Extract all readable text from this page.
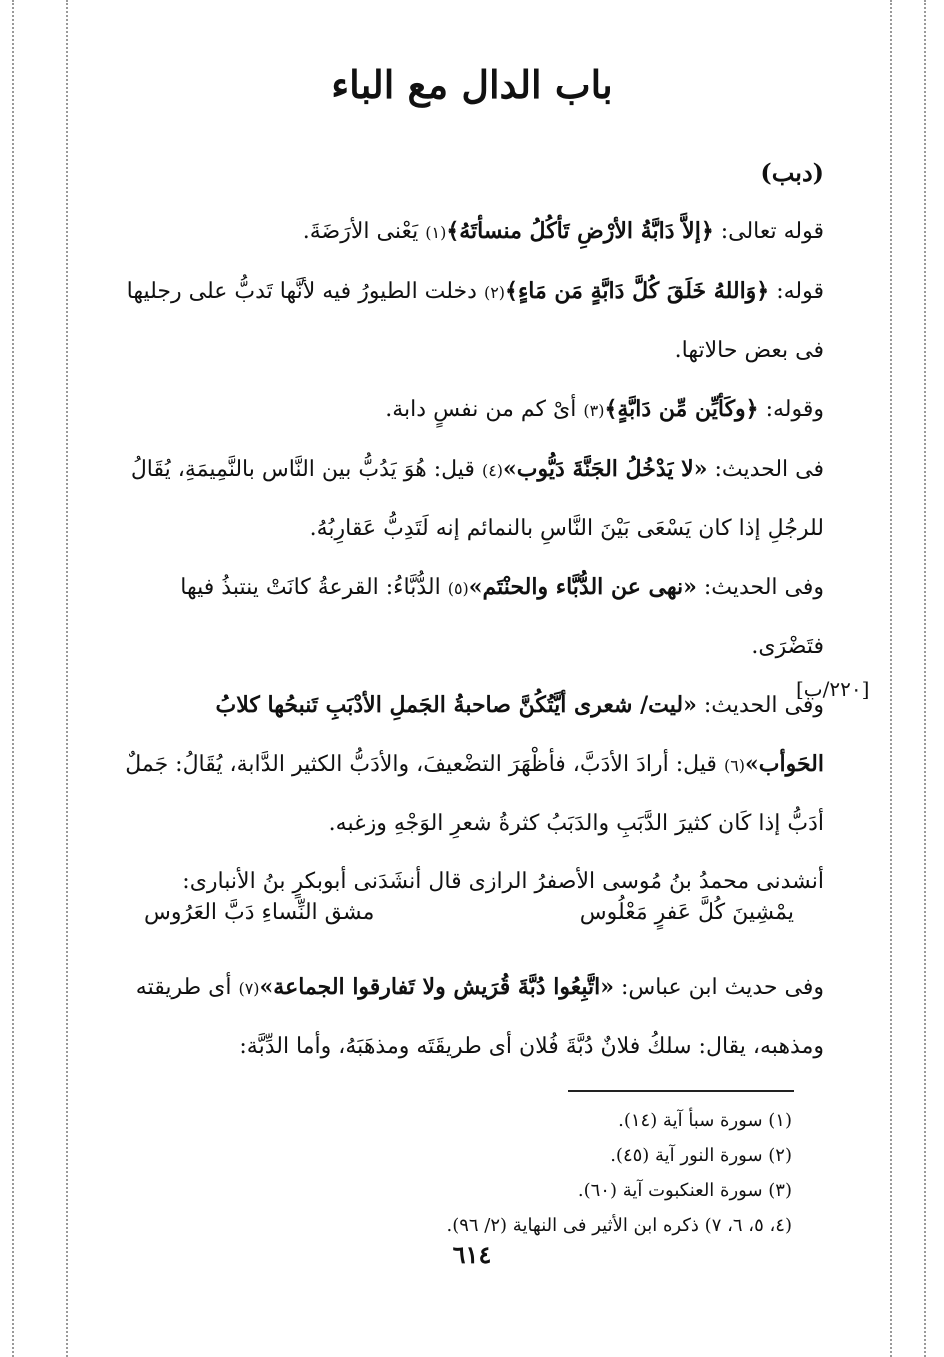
باب الدال مع الباء
(دبب)

قوله تعالى: ﴿إلاَّ دَابَّةُ الأرْضِ تَأكُلُ منسأتَهُ﴾(١) يَعْنى الأرَضَةَ.

قوله: ﴿وَاللهُ خَلَقَ كُلَّ دَابَّةٍ مَن مَاءٍ﴾(٢) دخلت الطيورُ فيه لأنَّها تَدبُّ على رجليها فى بعض حالاتها.

وقوله: ﴿وكَأيِّن مِّن دَابَّةٍ﴾(٣) أىْ كم من نفسٍ دابة.

فى الحديث: «لا يَدْخُلُ الجَنَّةَ دَيُّوب»(٤) قيل: هُوَ يَدُبُّ بين النَّاس بالنَّمِيمَةِ، يُقَالُ للرجُلِ إذا كان يَسْعَى بَيْنَ النَّاسِ بالنمائم إنه لَتَدِبُّ عَقارِبُهُ.

وفى الحديث: «نهى عن الدُّبَّاء والحنْتَم»(٥) الدُّبَّاءُ: القرعةُ كانَتْ ينتبذُ فيها فتَضْرَى.

وفى الحديث: «ليت/ شعرى أيَّتُكُنَّ صاحبةُ الجَملِ الأدْبَبِ تَنبحُها كلابُ الحَوأب»(٦) قيل: أرادَ الأدَبَّ، فأظْهَرَ التضْعيفَ، والأدَبُّ الكثير الدَّابة، يُقَالُ: جَملٌ أدَبُّ إذا كَان كثيرَ الدَّبَبِ والدَبَبُ كثرةُ شعرِ الوَجْهِ وزغبه.

أنشدنى محمدُ بنُ مُوسى الأصفرُ الرازى قال أنشَدَنى أبوبكرٍ بنُ الأنبارى:

[٢٢٠/ب]
يمْشِينَ كُلَّ عَفرٍ مَعْلُوس
مشق النِّساءِ دَبَّ العَرُوس

وفى حديث ابن عباس: «اتَّبِعُوا دُبَّةَ قُرَيش ولا تَفارقوا الجماعة»(٧) أى طريقته ومذهبه، يقال: سلكُ فلانٌ دُبَّةَ فُلان أى طريقَتَه ومذهَبَهُ، وأما الدِّبَّة:

(١) سورة سبأ آية (١٤).
(٢) سورة النور آية (٤٥).
(٣) سورة العنكبوت آية (٦٠).
(٤، ٥، ٦، ٧) ذكره ابن الأثير فى النهاية (٢/ ٩٦).
٦١٤
